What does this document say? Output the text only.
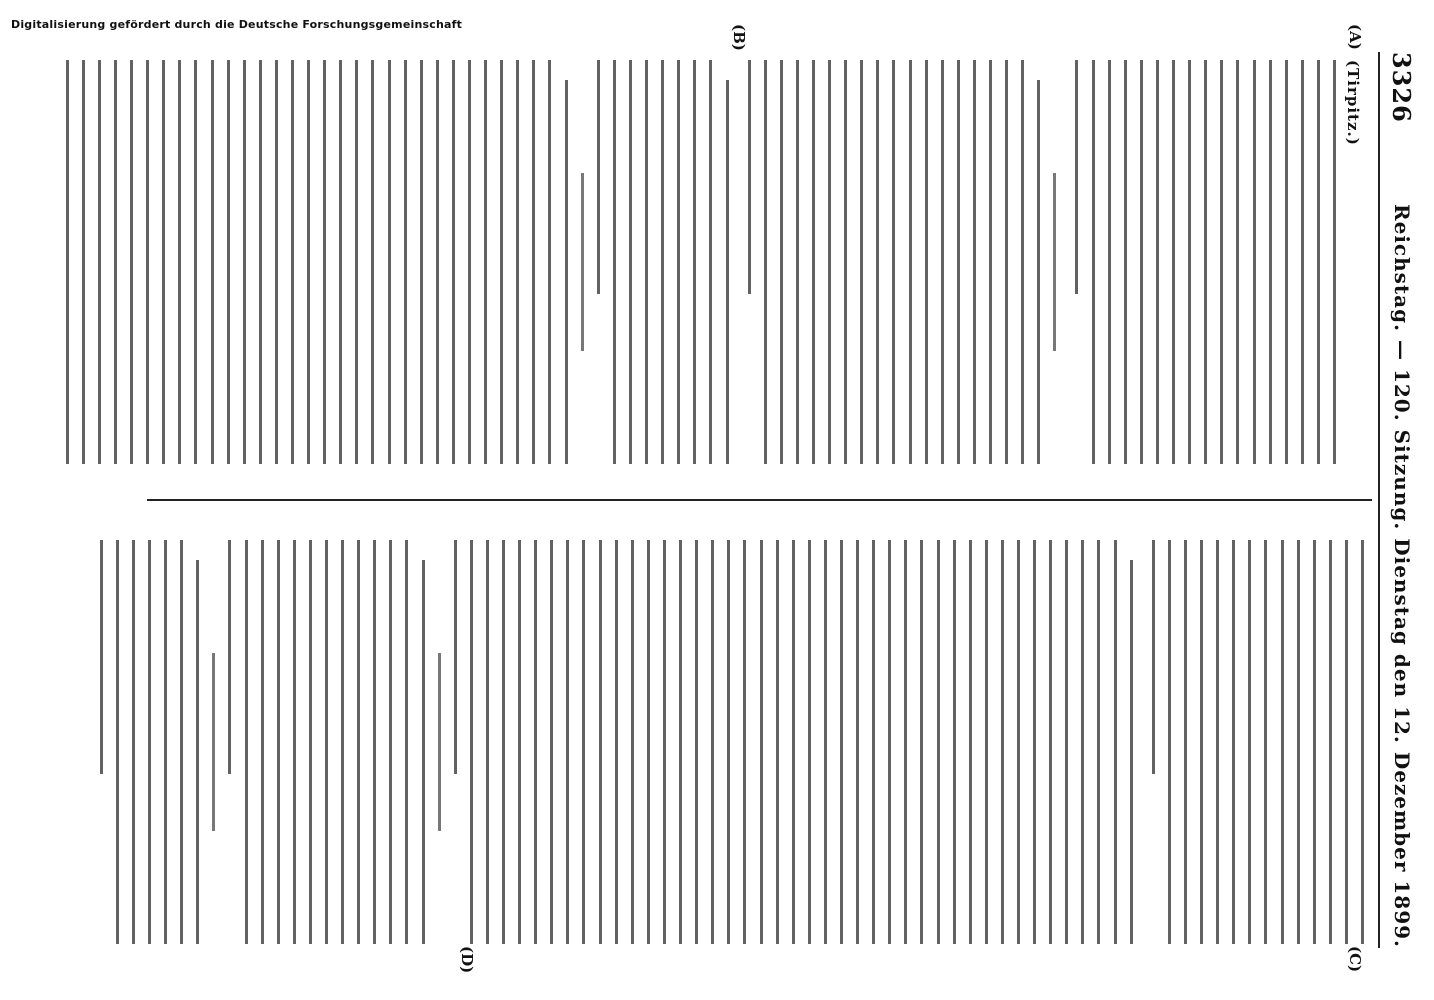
3326
Reichstag. — 120. Sitzung. Dienstag den 12. Dezember 1899.
(A)
(B)
(C)
(D)
(Tirpitz.)
Digitalisierung gefördert durch die Deutsche Forschungsgemeinschaft
